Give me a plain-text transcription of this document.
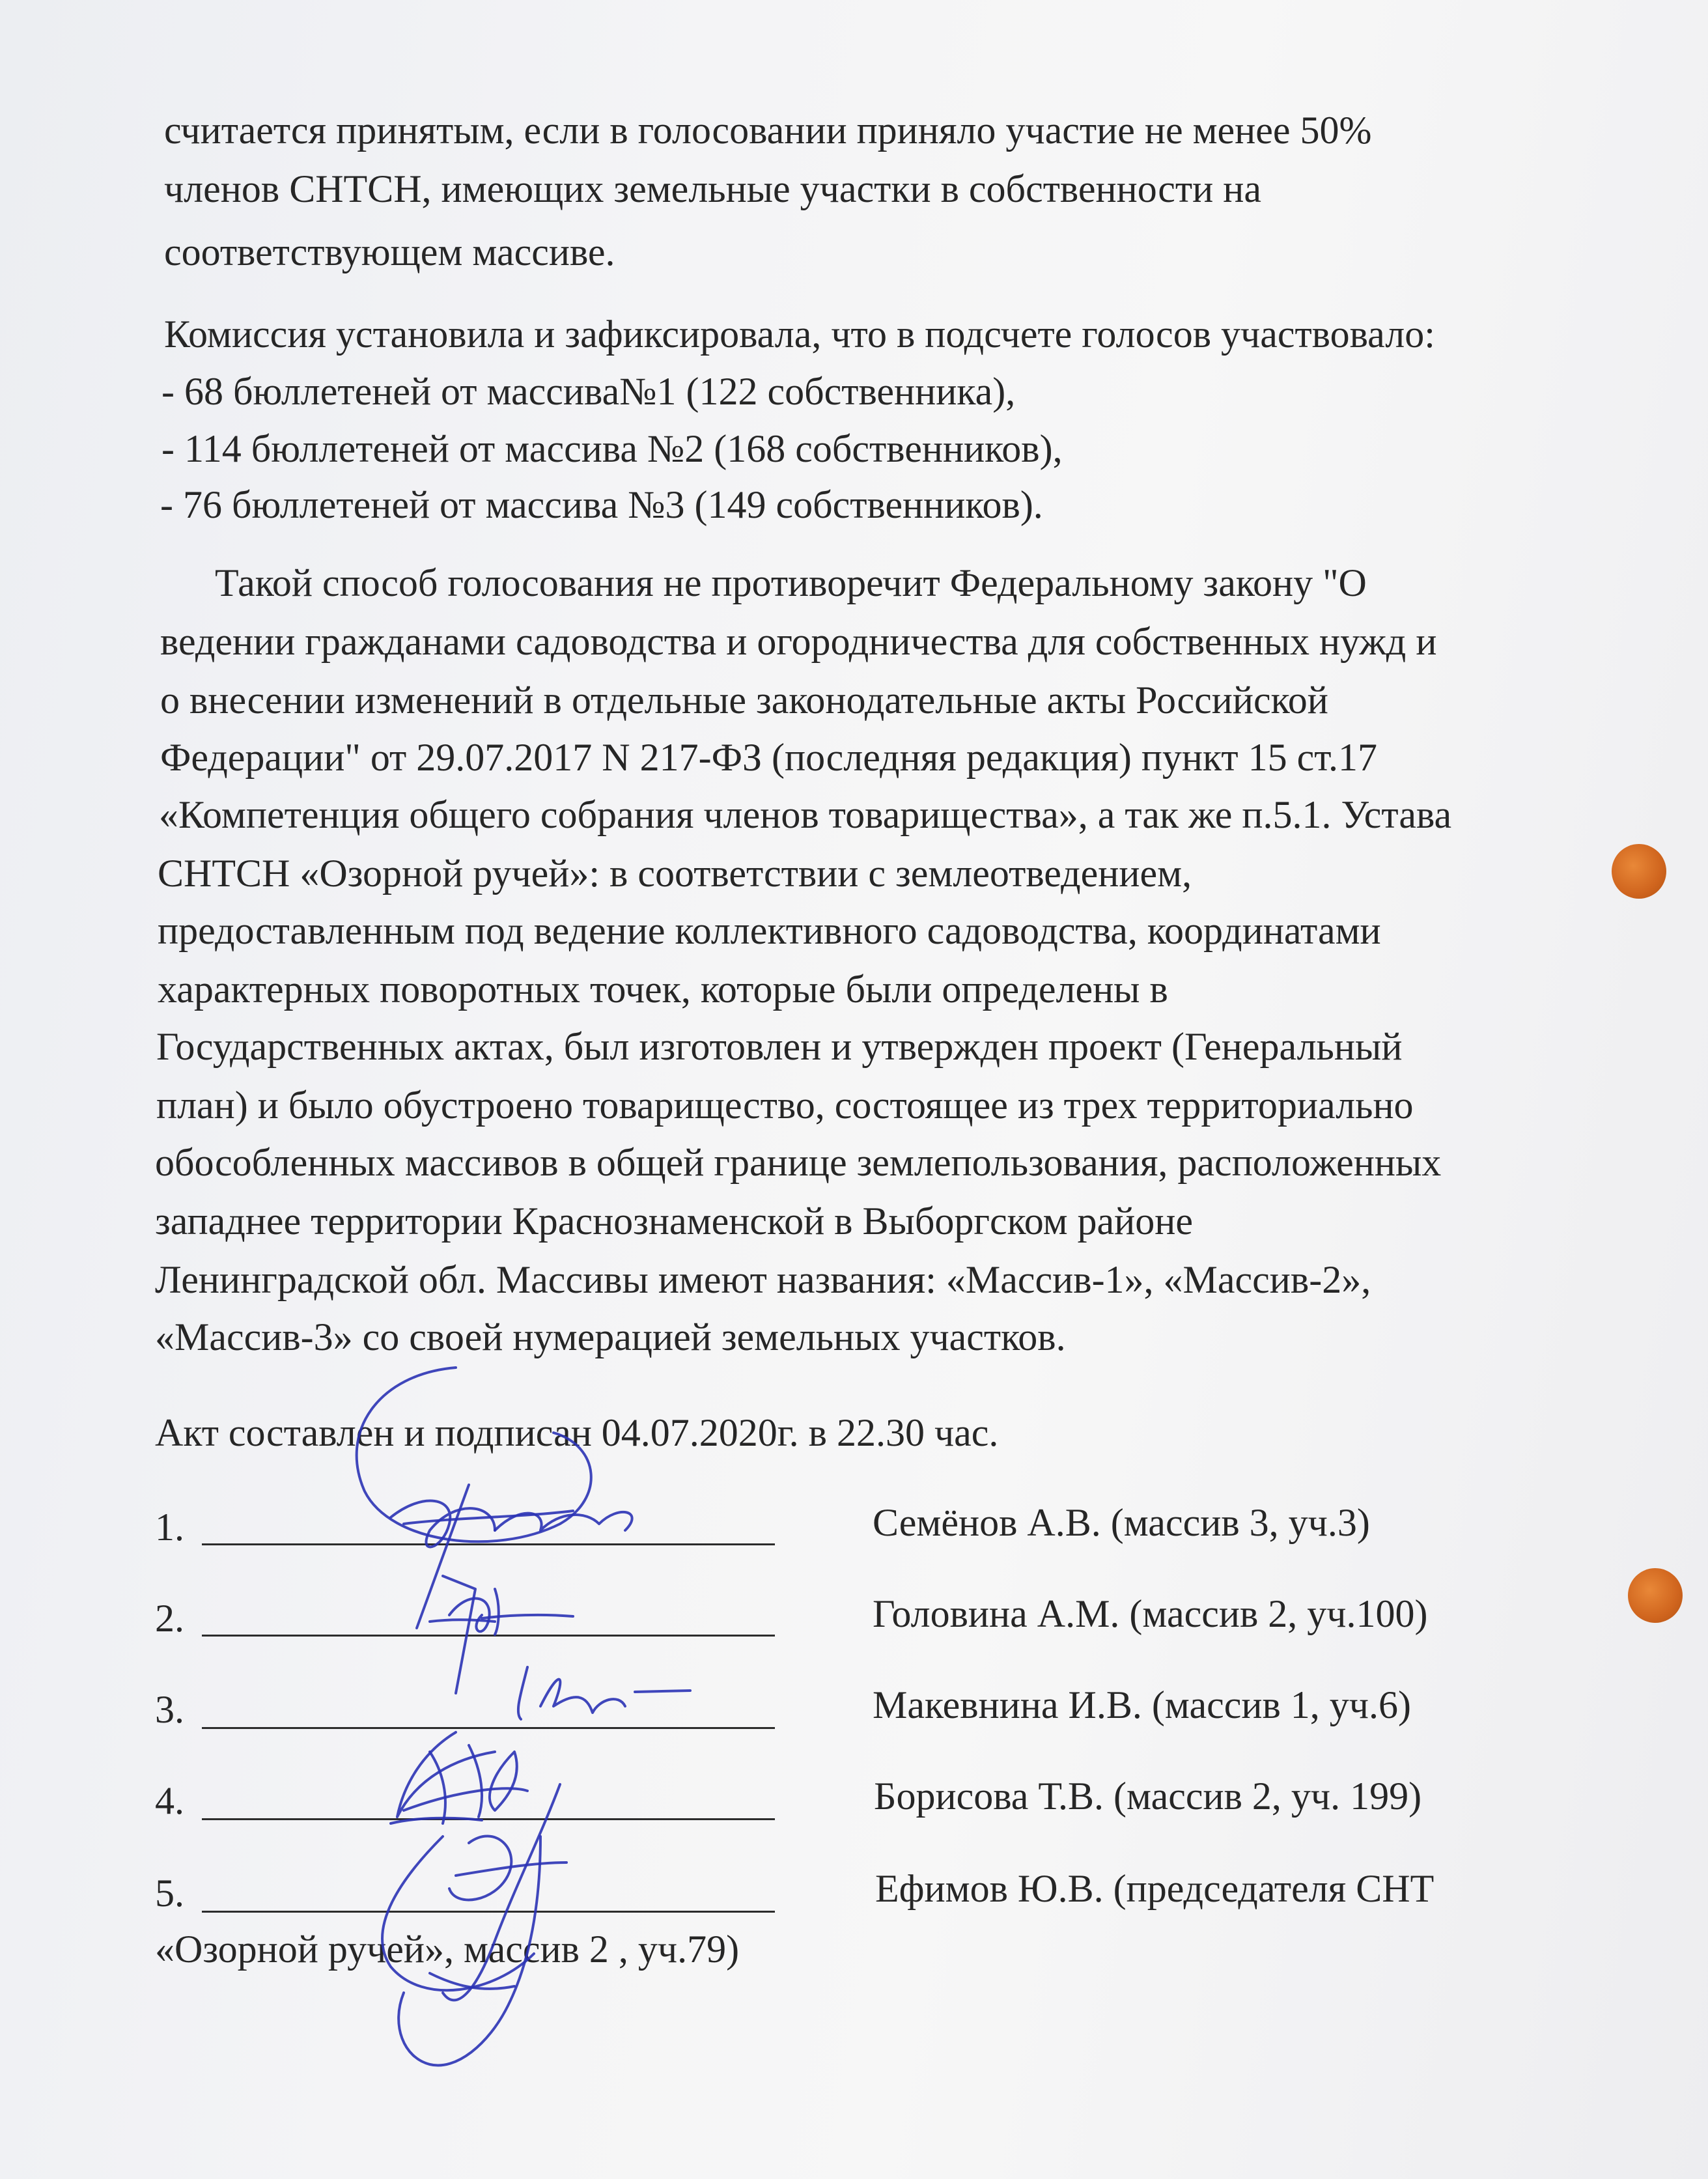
считается принятым, если в голосовании приняло участие не менее 50%
членов СНТСН, имеющих земельные участки в собственности на
соответствующем массиве.
Комиссия установила и зафиксировала, что в подсчете голосов участвовало:
- 68 бюллетеней от массива№1 (122 собственника),
- 114 бюллетеней от массива №2 (168 собственников),
- 76 бюллетеней от массива №3 (149 собственников).
Такой способ голосования не противоречит Федеральному закону "О
ведении гражданами садоводства и огородничества для собственных нужд и
о внесении изменений в отдельные законодательные акты Российской
Федерации" от 29.07.2017 N 217-ФЗ (последняя редакция) пункт 15 ст.17
«Компетенция общего собрания членов товарищества», а так же п.5.1. Устава
СНТСН «Озорной ручей»: в соответствии с землеотведением,
предоставленным под ведение коллективного садоводства, координатами
характерных поворотных точек, которые были определены в
Государственных актах, был изготовлен и утвержден проект (Генеральный
план) и было обустроено товарищество, состоящее из трех территориально
обособленных массивов в общей границе землепользования, расположенных
западнее территории Краснознаменской в Выборгском районе
Ленинградской обл. Массивы имеют названия: «Массив-1», «Массив-2»,
«Массив-3» со своей нумерацией земельных участков.
Акт составлен и подписан 04.07.2020г. в 22.30 час.
1.	Семёнов А.В. (массив 3, уч.3)
2.	Головина А.М. (массив 2, уч.100)
3.	Макевнина И.В. (массив 1, уч.6)
4.	Борисова Т.В. (массив 2, уч. 199)
5.	Ефимов Ю.В. (председателя СНТ
«Озорной ручей», массив 2 , уч.79)
